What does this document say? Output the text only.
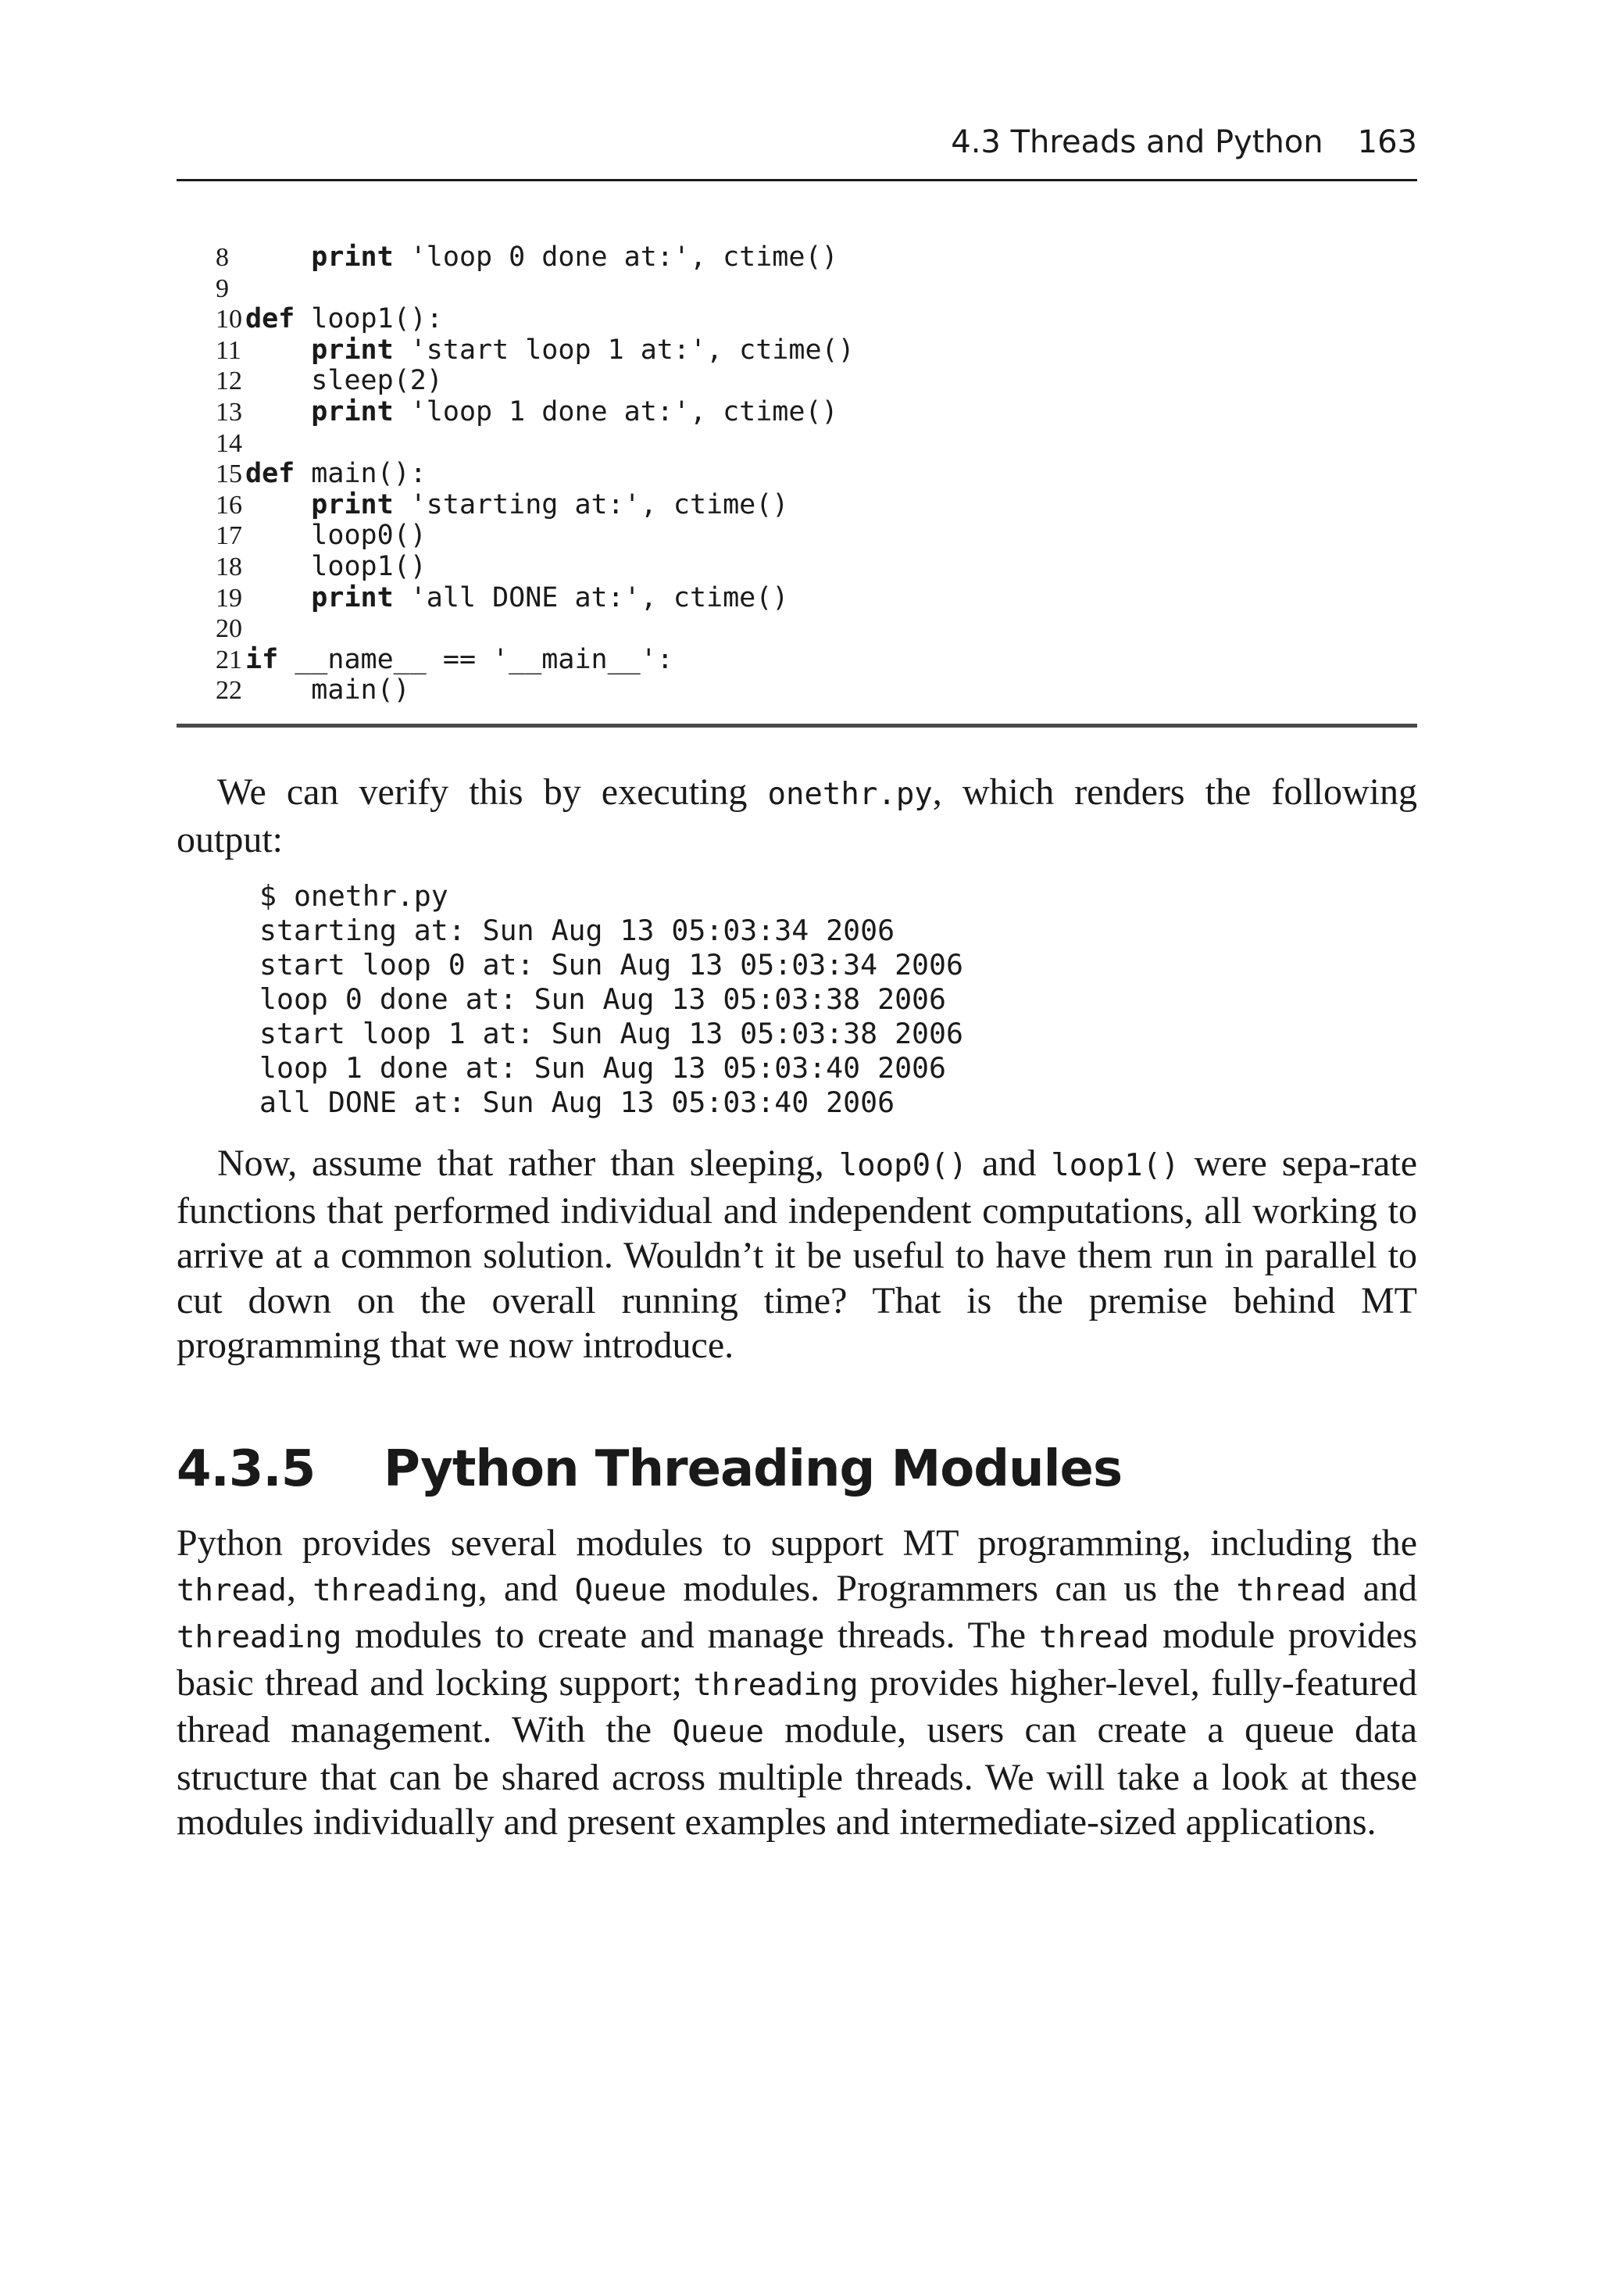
4.3 Threads and Python 163
8	print 'loop 0 done at:', ctime()
9
10 def loop1():
11	print 'start loop 1 at:', ctime()
12	sleep(2)
13	print 'loop 1 done at:', ctime()
14
15 def main():
16	print 'starting at:', ctime()
17	loop0()
18	loop1()
19	print 'all DONE at:', ctime()
20
21 if __name__ == '__main__':
22	main()
We can verify this by executing onethr.py, which renders the following output:
$ onethr.py
starting at: Sun Aug 13 05:03:34 2006
start loop 0 at: Sun Aug 13 05:03:34 2006
loop 0 done at: Sun Aug 13 05:03:38 2006
start loop 1 at: Sun Aug 13 05:03:38 2006
loop 1 done at: Sun Aug 13 05:03:40 2006
all DONE at: Sun Aug 13 05:03:40 2006
Now, assume that rather than sleeping, loop0() and loop1() were sepa-rate functions that performed individual and independent computations, all working to arrive at a common solution. Wouldn’t it be useful to have them run in parallel to cut down on the overall running time? That is the premise behind MT programming that we now introduce.
4.3.5 Python Threading Modules
Python provides several modules to support MT programming, including the thread, threading, and Queue modules. Programmers can us the thread and threading modules to create and manage threads. The thread module provides basic thread and locking support; threading provides higher-level, fully-featured thread management. With the Queue module, users can create a queue data structure that can be shared across multiple threads. We will take a look at these modules individually and present examples and intermediate-sized applications.
